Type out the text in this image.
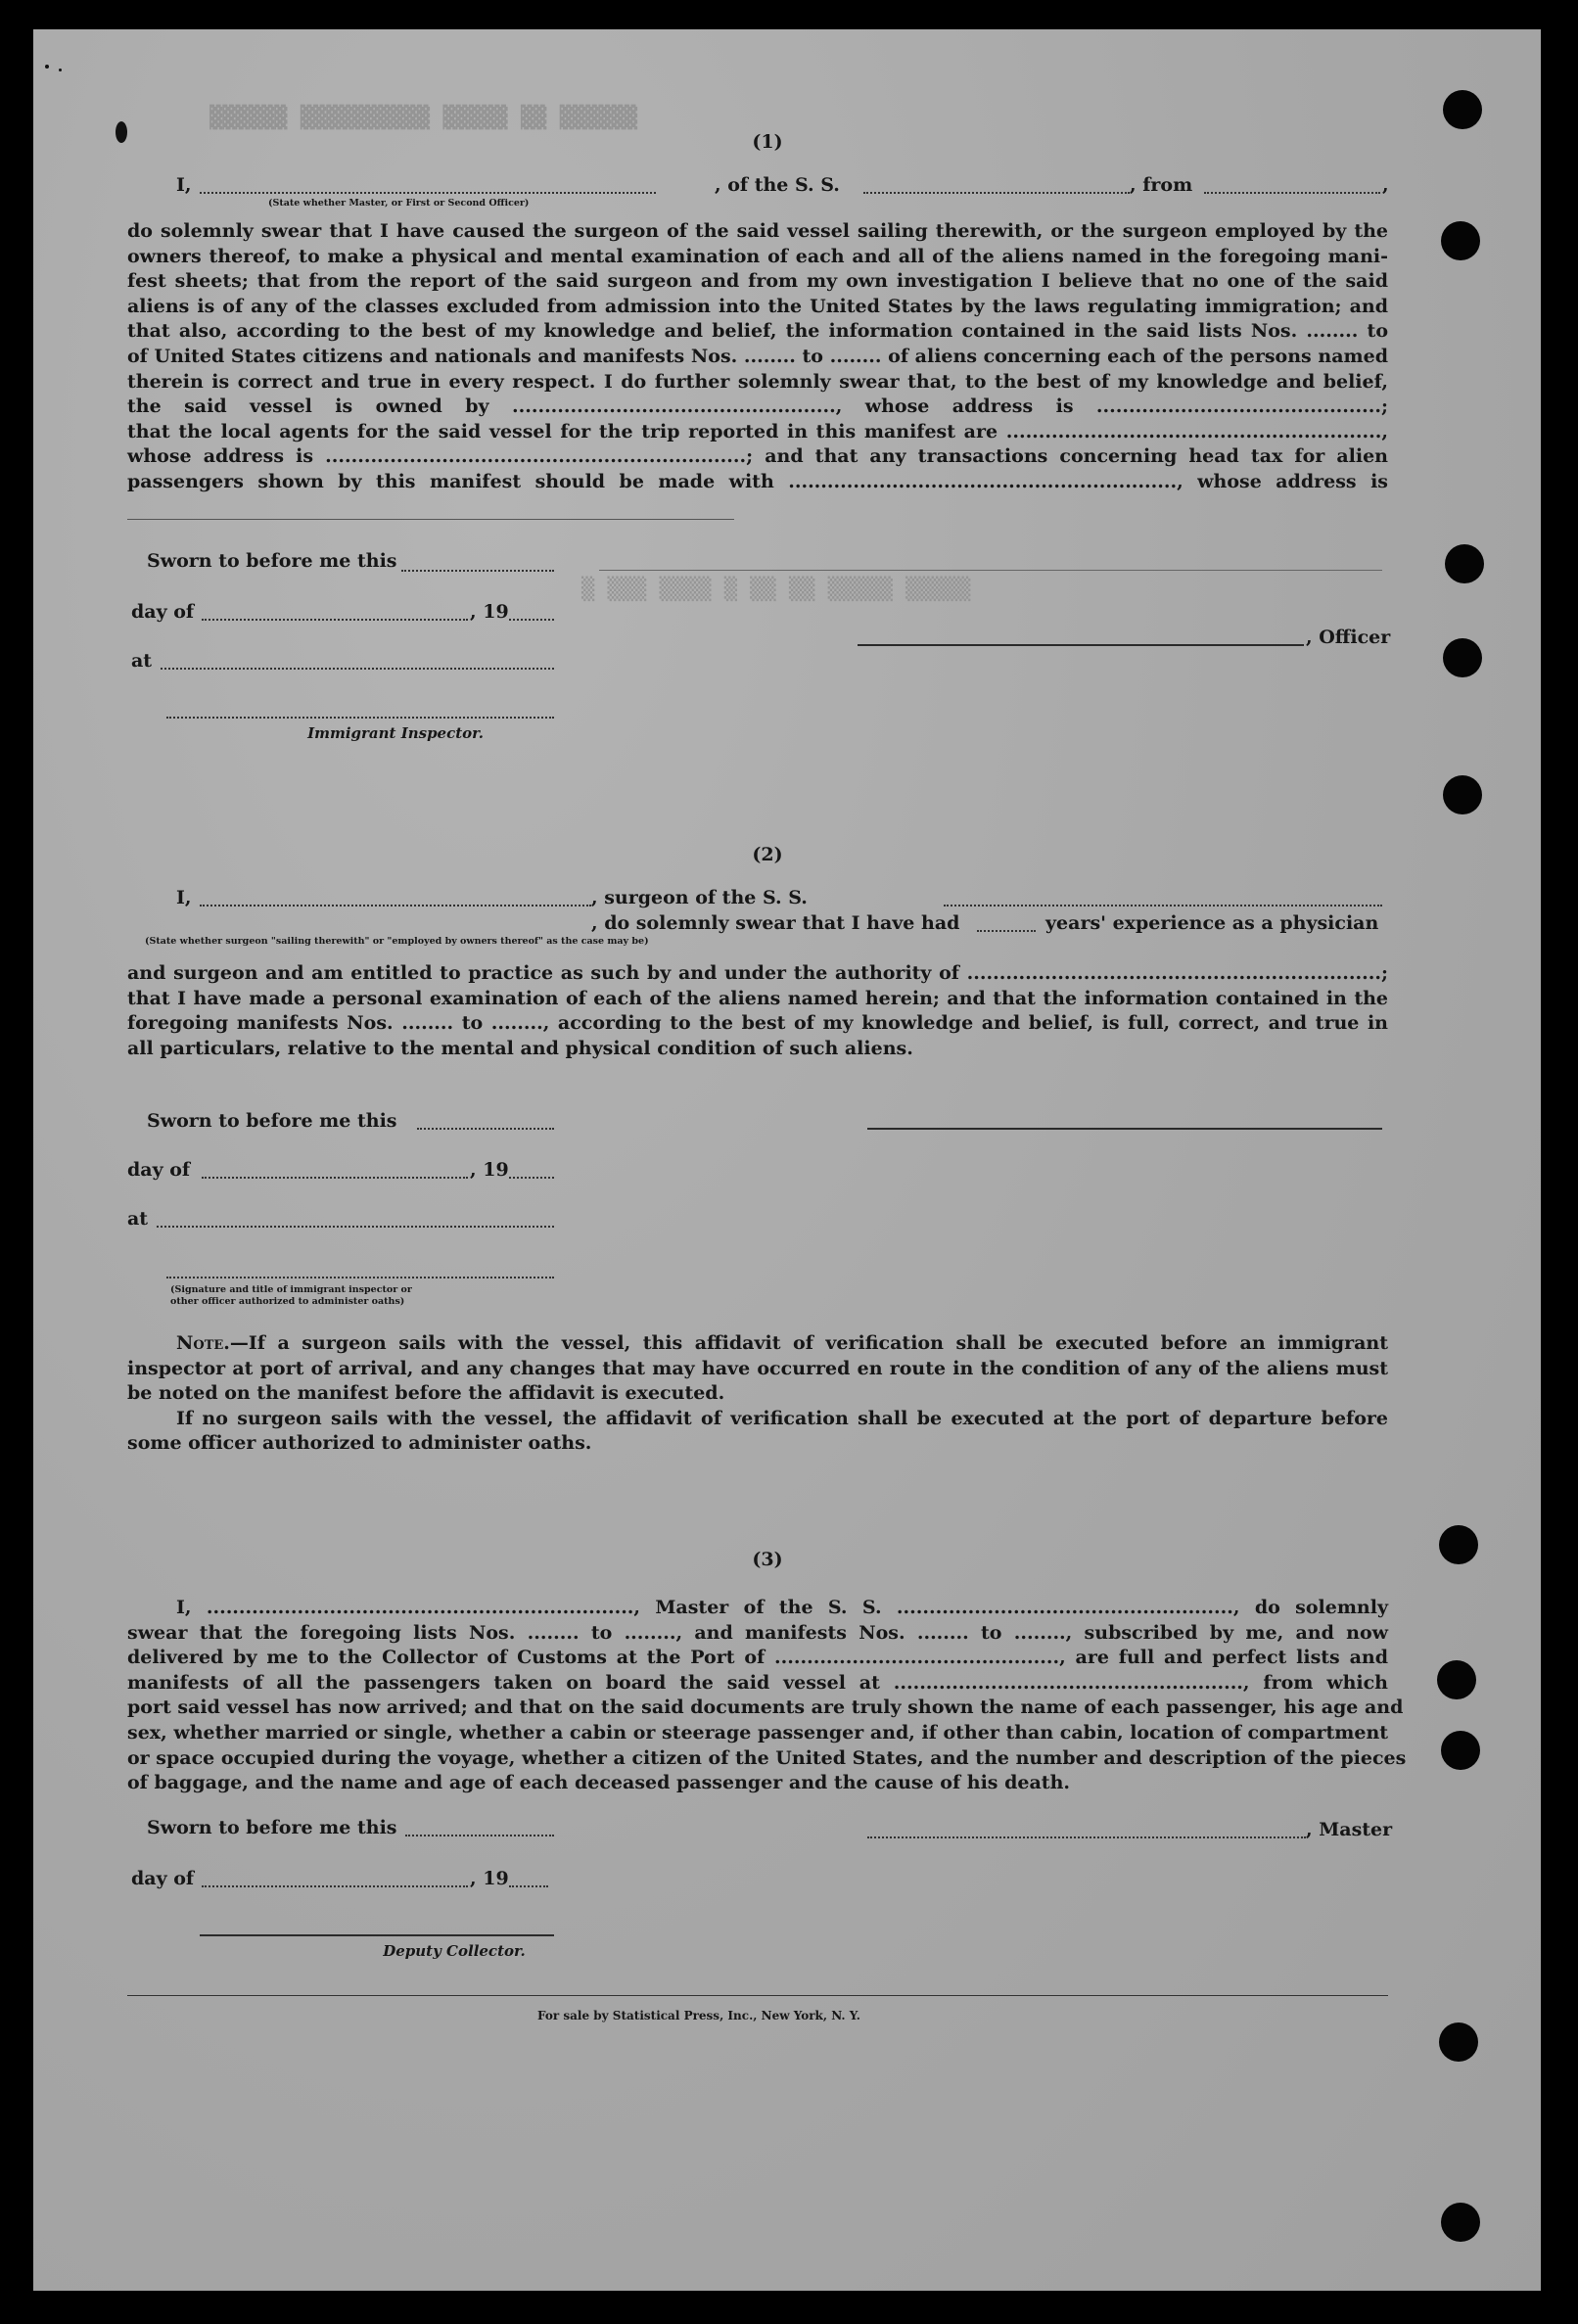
▓▓▓▓▓▓ ▓▓ ▓▓▓▓▓ ▓▓▓▓▓▓▓▓▓▓ ▓▓▓▓▓▓
▒ ▒▒▒ ▒▒▒▒ ▒ ▒▒ ▒▒ ▒▒▒▒▒ ▒▒▒▒▒
(1)
I,	, of the S. S.	, from	,
(State whether Master, or First or Second Officer)
do solemnly swear that I have caused the surgeon of the said vessel sailing therewith, or the surgeon employed by the
owners thereof, to make a physical and mental examination of each and all of the aliens named in the foregoing mani-
fest sheets; that from the report of the said surgeon and from my own investigation I believe that no one of the said
aliens is of any of the classes excluded from admission into the United States by the laws regulating immigration; and
that also, according to the best of my knowledge and belief, the information contained in the said lists Nos. ........ to
of United States citizens and nationals and manifests Nos. ........ to ........ of aliens concerning each of the persons named
therein is correct and true in every respect. I do further solemnly swear that, to the best of my knowledge and belief,
the said vessel is owned by .................................................., whose address is ............................................;
that the local agents for the said vessel for the trip reported in this manifest are ..........................................................,
whose address is .................................................................; and that any transactions concerning head tax for alien
passengers shown by this manifest should be made with ............................................................, whose address is
Sworn to before me this
day of	, 19
, Officer
at
Immigrant Inspector.
(2)
I,	, surgeon of the S. S.
, do solemnly swear that I have had	years' experience as a physician
(State whether surgeon "sailing therewith" or "employed by owners thereof" as the case may be)
and surgeon and am entitled to practice as such by and under the authority of ................................................................;
that I have made a personal examination of each of the aliens named herein; and that the information contained in the
foregoing manifests Nos. ........ to ........, according to the best of my knowledge and belief, is full, correct, and true in
all particulars, relative to the mental and physical condition of such aliens.
Sworn to before me this
day of	, 19
at
(Signature and title of immigrant inspector or
other officer authorized to administer oaths)
Note.—If a surgeon sails with the vessel, this affidavit of verification shall be executed before an immigrant
inspector at port of arrival, and any changes that may have occurred en route in the condition of any of the aliens must
be noted on the manifest before the affidavit is executed.
If no surgeon sails with the vessel, the affidavit of verification shall be executed at the port of departure before
some officer authorized to administer oaths.
(3)
I, .................................................................., Master of the S. S. ...................................................., do solemnly
swear that the foregoing lists Nos. ........ to ........, and manifests Nos. ........ to ........, subscribed by me, and now
delivered by me to the Collector of Customs at the Port of ............................................, are full and perfect lists and
manifests of all the passengers taken on board the said vessel at ......................................................, from which
port said vessel has now arrived; and that on the said documents are truly shown the name of each passenger, his age and
sex, whether married or single, whether a cabin or steerage passenger and, if other than cabin, location of compartment
or space occupied during the voyage, whether a citizen of the United States, and the number and description of the pieces
of baggage, and the name and age of each deceased passenger and the cause of his death.
Sworn to before me this	, Master
day of	, 19
Deputy Collector.
For sale by Statistical Press, Inc., New York, N. Y.
